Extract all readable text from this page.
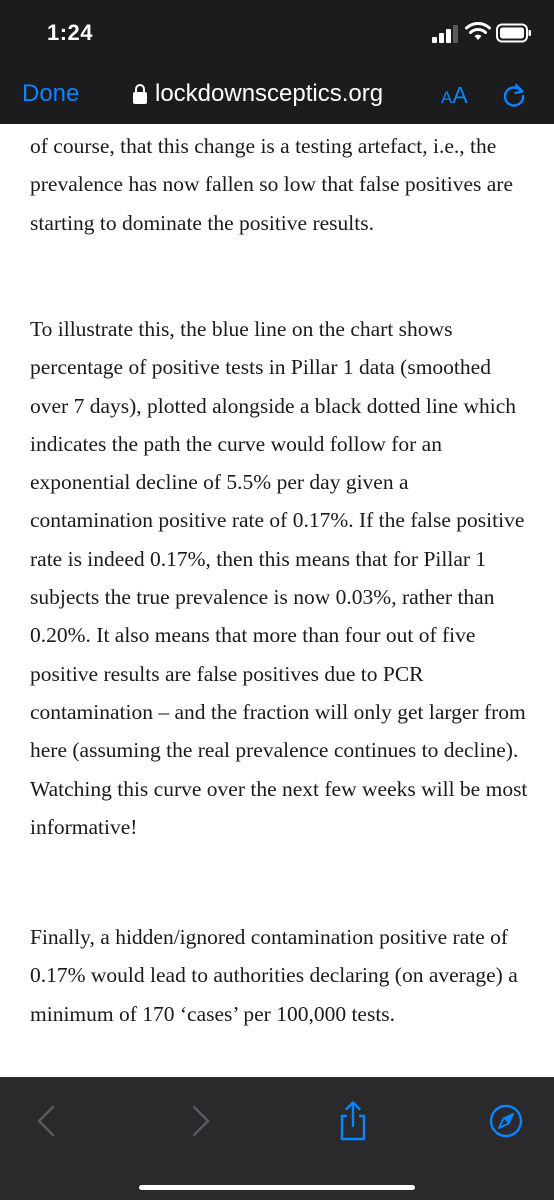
1:24
Done	lockdownsceptics.org	AA

of course, that this change is a testing artefact, i.e., the prevalence has now fallen so low that false positives are starting to dominate the positive results.

To illustrate this, the blue line on the chart shows percentage of positive tests in Pillar 1 data (smoothed over 7 days), plotted alongside a black dotted line which indicates the path the curve would follow for an exponential decline of 5.5% per day given a contamination positive rate of 0.17%. If the false positive rate is indeed 0.17%, then this means that for Pillar 1 subjects the true prevalence is now 0.03%, rather than 0.20%. It also means that more than four out of five positive results are false positives due to PCR contamination – and the fraction will only get larger from here (assuming the real prevalence continues to decline). Watching this curve over the next few weeks will be most informative!

Finally, a hidden/ignored contamination positive rate of 0.17% would lead to authorities declaring (on average) a minimum of 170 ‘cases’ per 100,000 tests.
